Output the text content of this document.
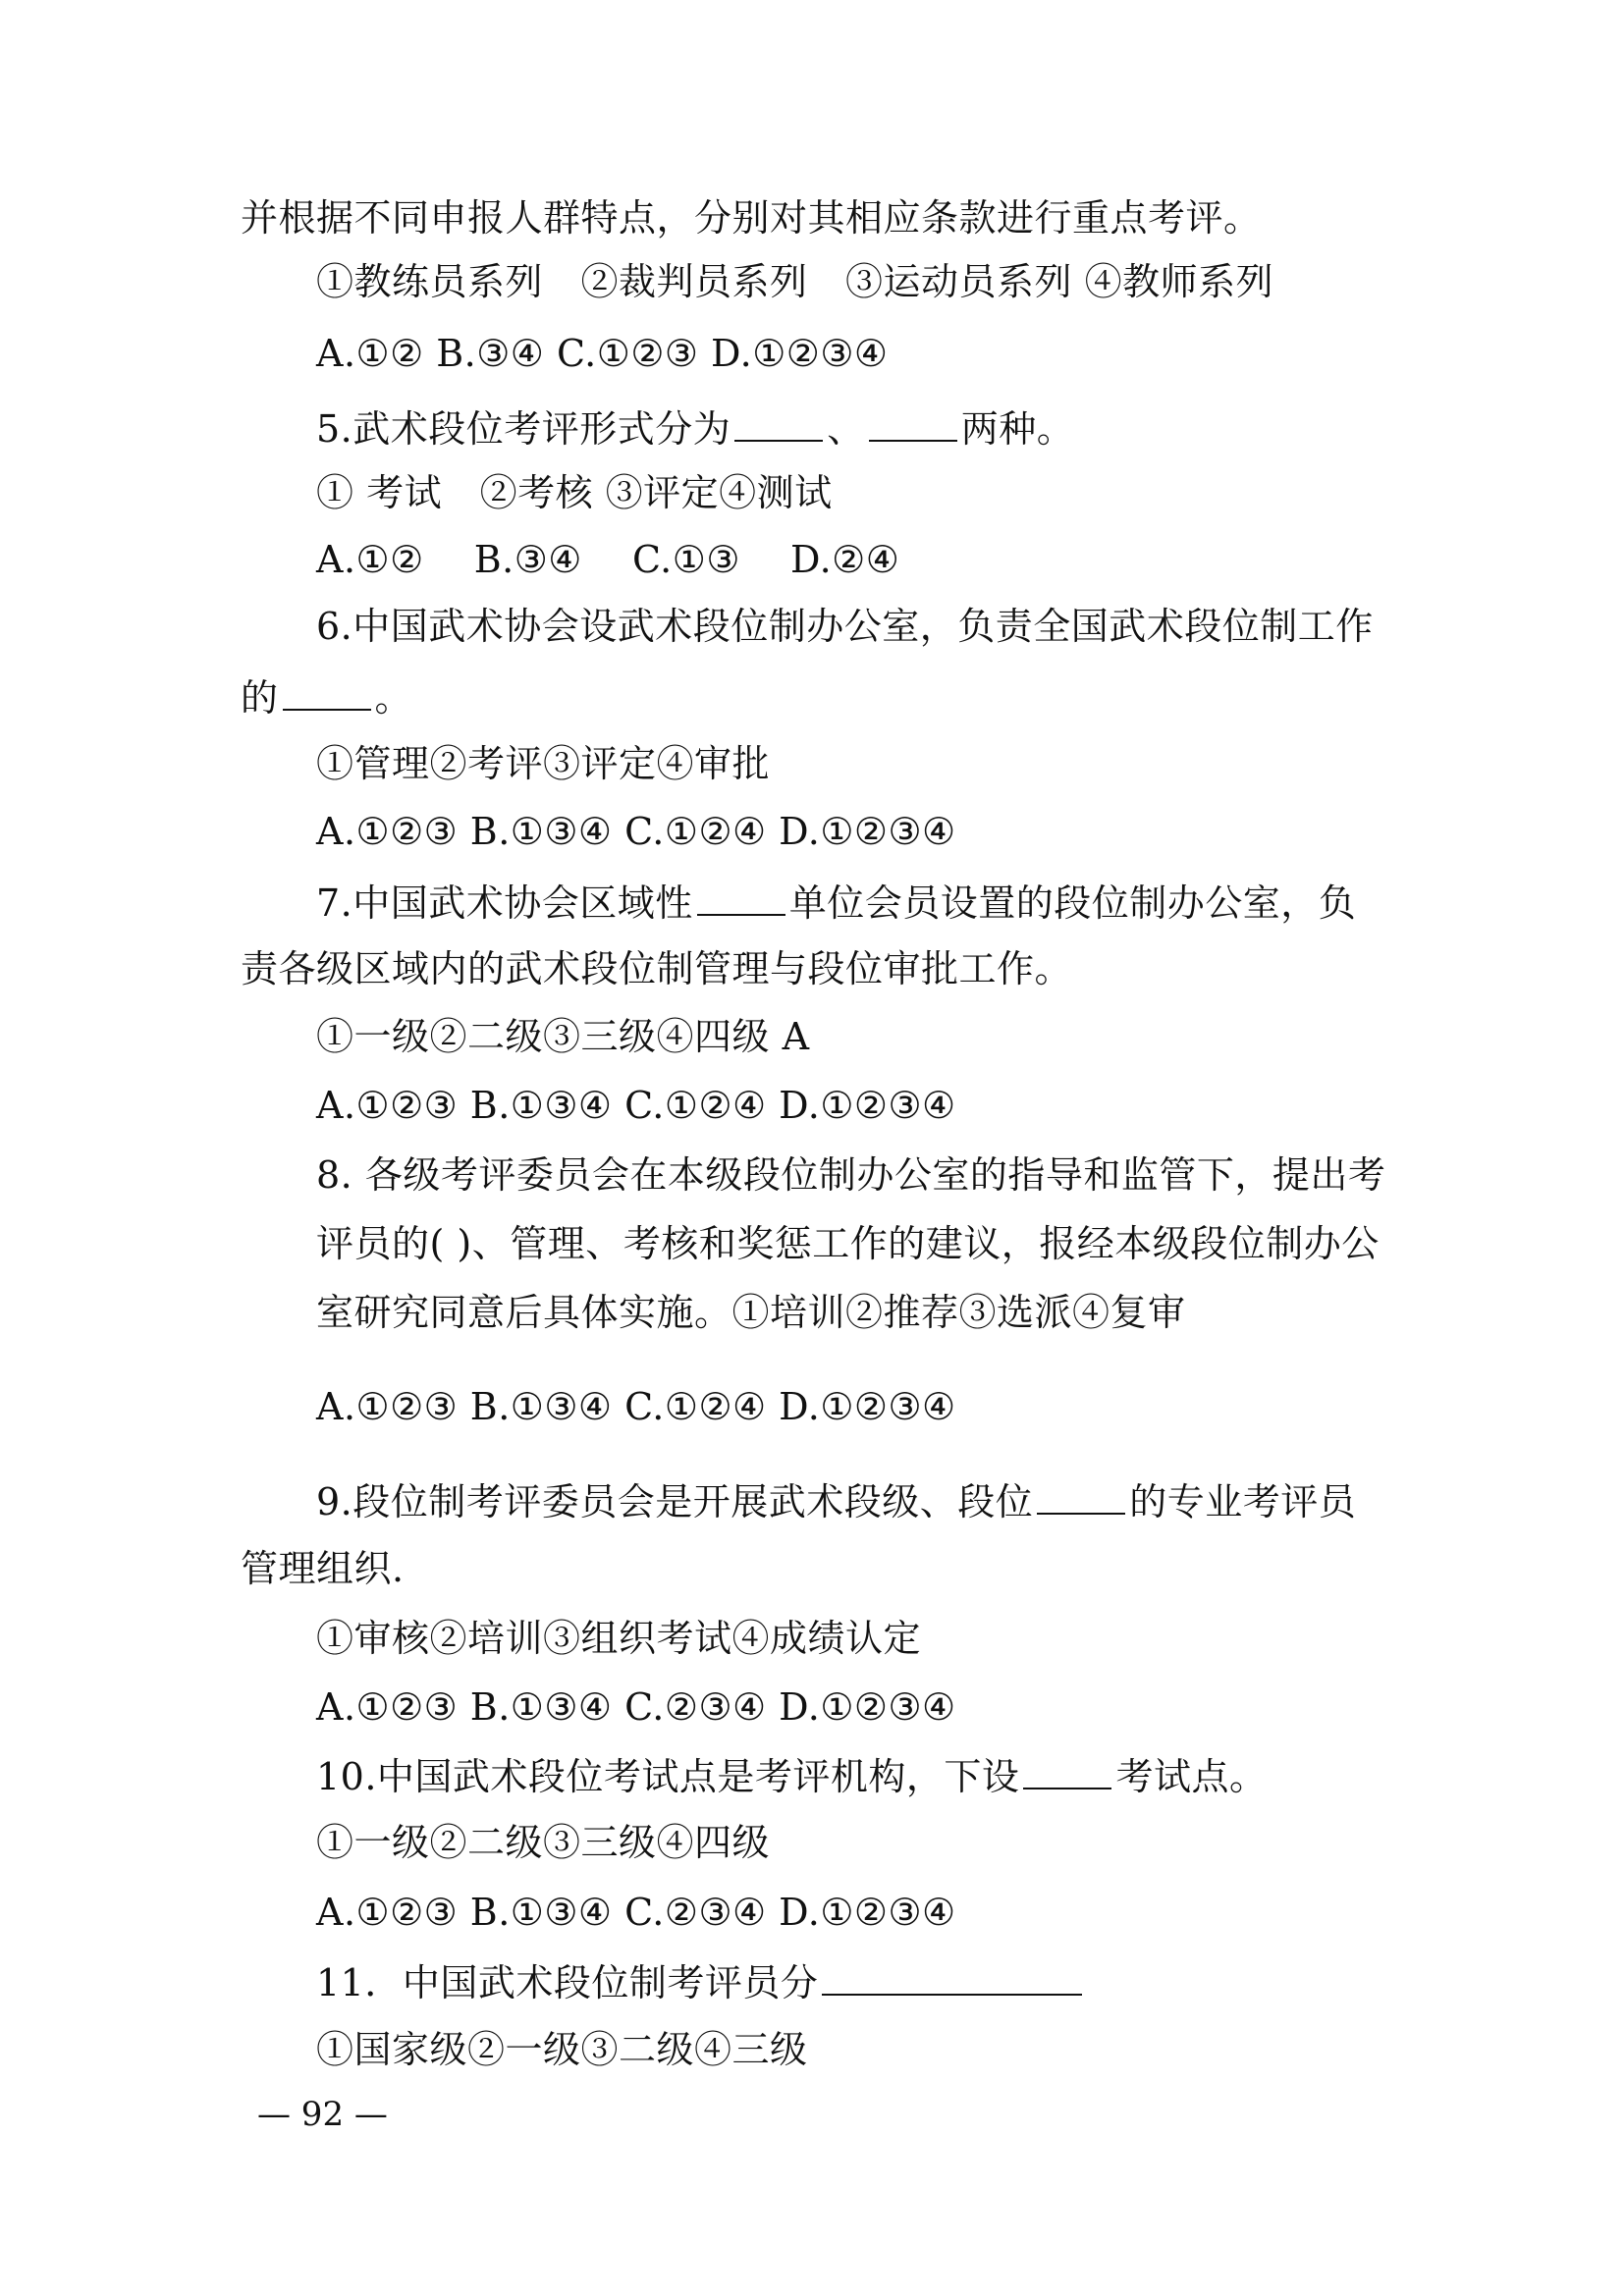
并根据不同申报人群特点，分别对其相应条款进行重点考评。
①教练员系列　②裁判员系列　③运动员系列 ④教师系列
A.①② B.③④ C.①②③ D.①②③④
5.武术段位考评形式分为	、	两种。
① 考试　②考核 ③评定④测试
A.①②　 B.③④　 C.①③　 D.②④
6.中国武术协会设武术段位制办公室，负责全国武术段位制工作
的	。
①管理②考评③评定④审批
A.①②③ B.①③④ C.①②④ D.①②③④
7.中国武术协会区域性	单位会员设置的段位制办公室，负
责各级区域内的武术段位制管理与段位审批工作。
①一级②二级③三级④四级 A
A.①②③ B.①③④ C.①②④ D.①②③④
8. 各级考评委员会在本级段位制办公室的指导和监管下，提出考
评员的( )、管理、考核和奖惩工作的建议，报经本级段位制办公
室研究同意后具体实施。①培训②推荐③选派④复审
A.①②③ B.①③④ C.①②④ D.①②③④
9.段位制考评委员会是开展武术段级、段位	的专业考评员
管理组织.
①审核②培训③组织考试④成绩认定
A.①②③ B.①③④ C.②③④ D.①②③④
10.中国武术段位考试点是考评机构，下设	考试点。
①一级②二级③三级④四级
A.①②③ B.①③④ C.②③④ D.①②③④
11．中国武术段位制考评员分
①国家级②一级③二级④三级
— 92 —
